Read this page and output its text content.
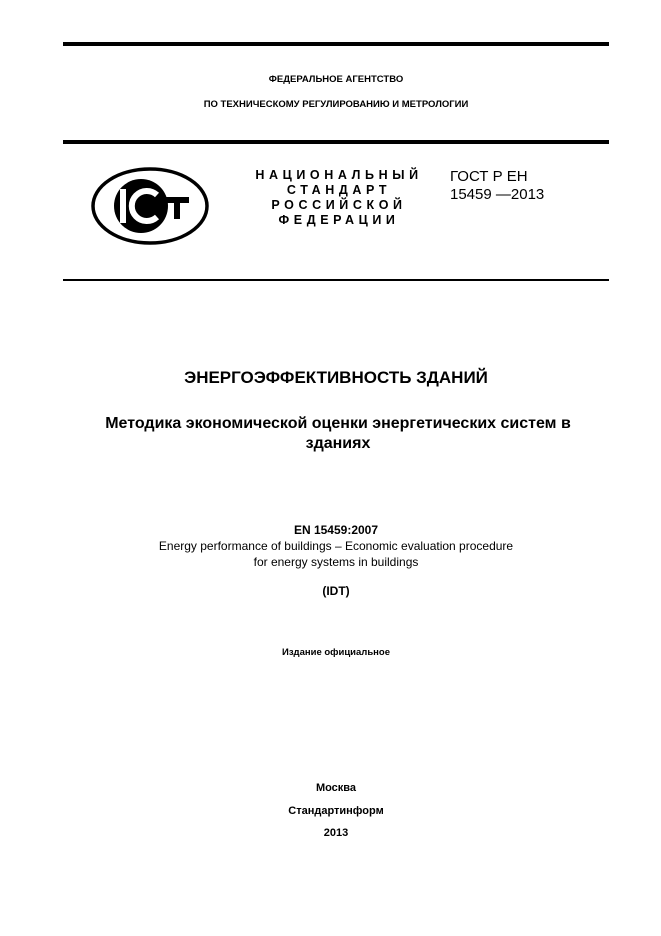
ФЕДЕРАЛЬНОЕ АГЕНТСТВО
ПО ТЕХНИЧЕСКОМУ РЕГУЛИРОВАНИЮ И МЕТРОЛОГИИ
НАЦИОНАЛЬНЫЙ
СТАНДАРТ
РОССИЙСКОЙ
ФЕДЕРАЦИИ
ГОСТ Р ЕН
15459 —2013
ЭНЕРГОЭФФЕКТИВНОСТЬ ЗДАНИЙ
Методика экономической оценки энергетических систем в
зданиях
EN 15459:2007
Energy performance of buildings – Economic evaluation procedure
for energy systems in buildings
(IDT)
Издание официальное
Москва
Стандартинформ
2013
